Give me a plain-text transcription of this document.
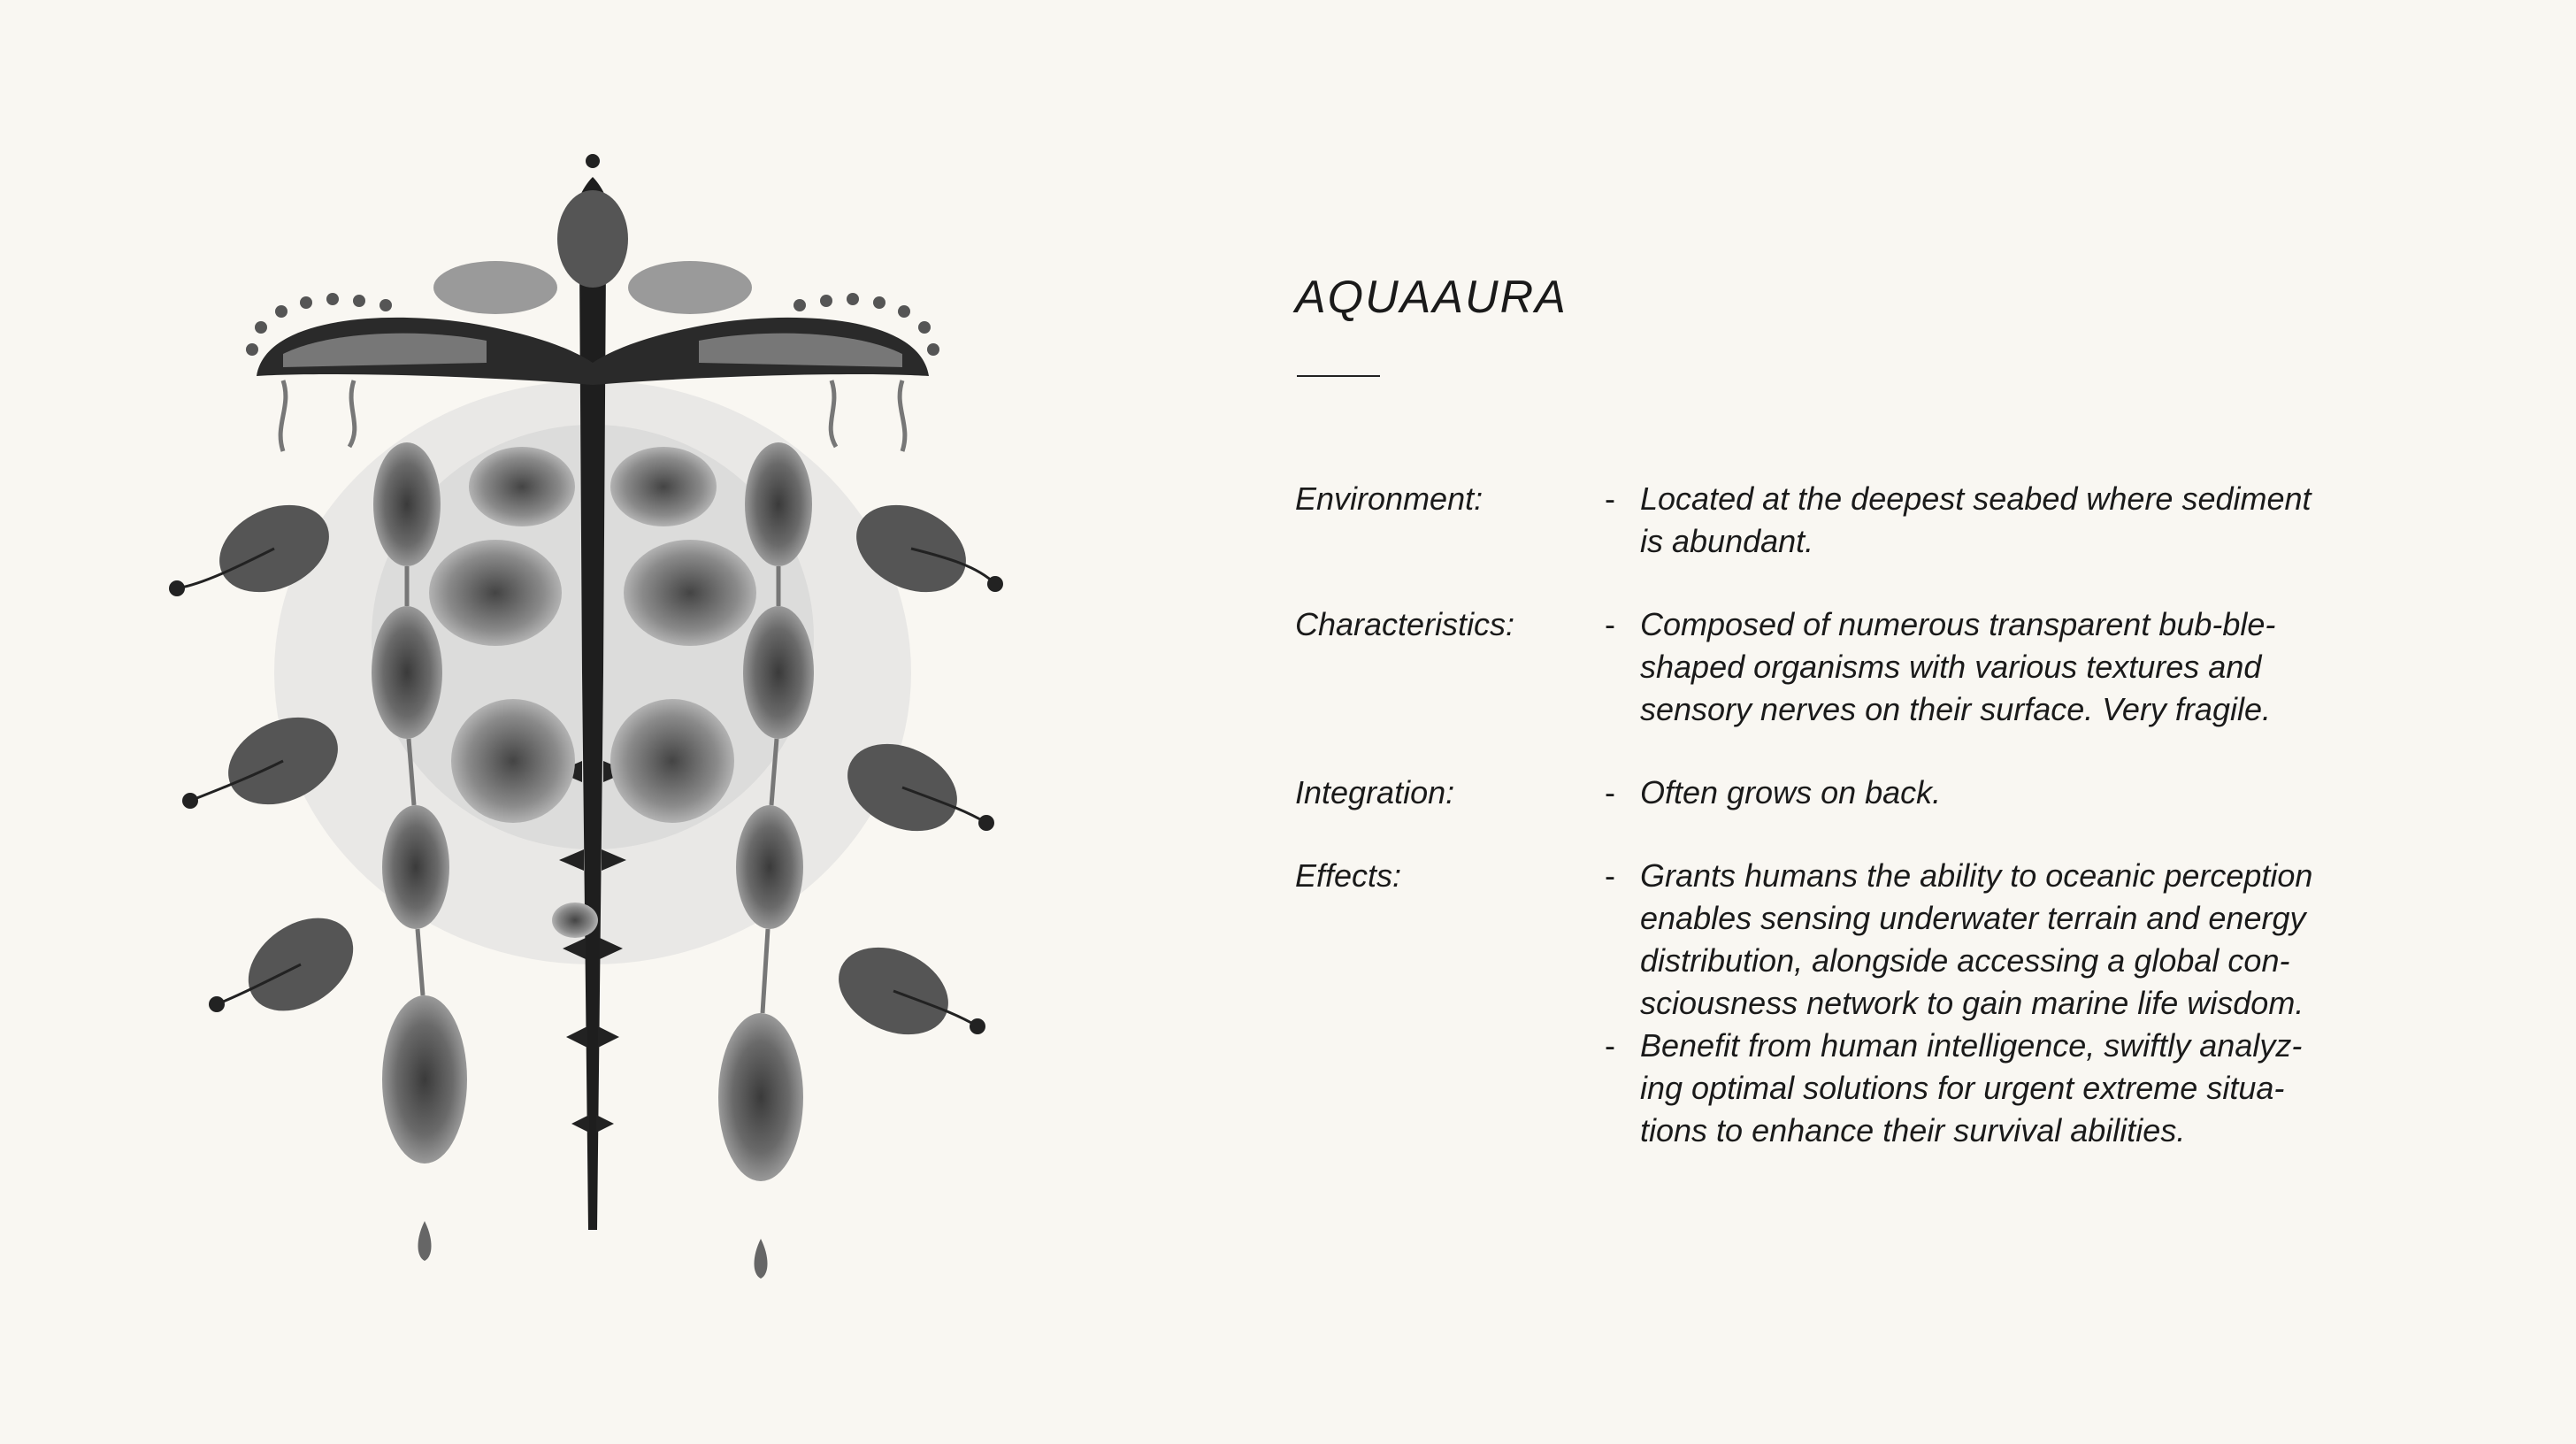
AQUAAURA
Environment:	- Located at the deepest seabed where sediment is abundant.
Characteristics:	- Composed of numerous transparent bub-ble-shaped organisms with various textures and sensory nerves on their surface. Very fragile.
Integration:	- Often grows on back.
Effects:	- Grants humans the ability to oceanic perception enables sensing underwater terrain and energy distribution, alongside accessing a global con-sciousness network to gain marine life wisdom.
- Benefit from human intelligence, swiftly analyz-ing optimal solutions for urgent extreme situa-tions to enhance their survival abilities.
